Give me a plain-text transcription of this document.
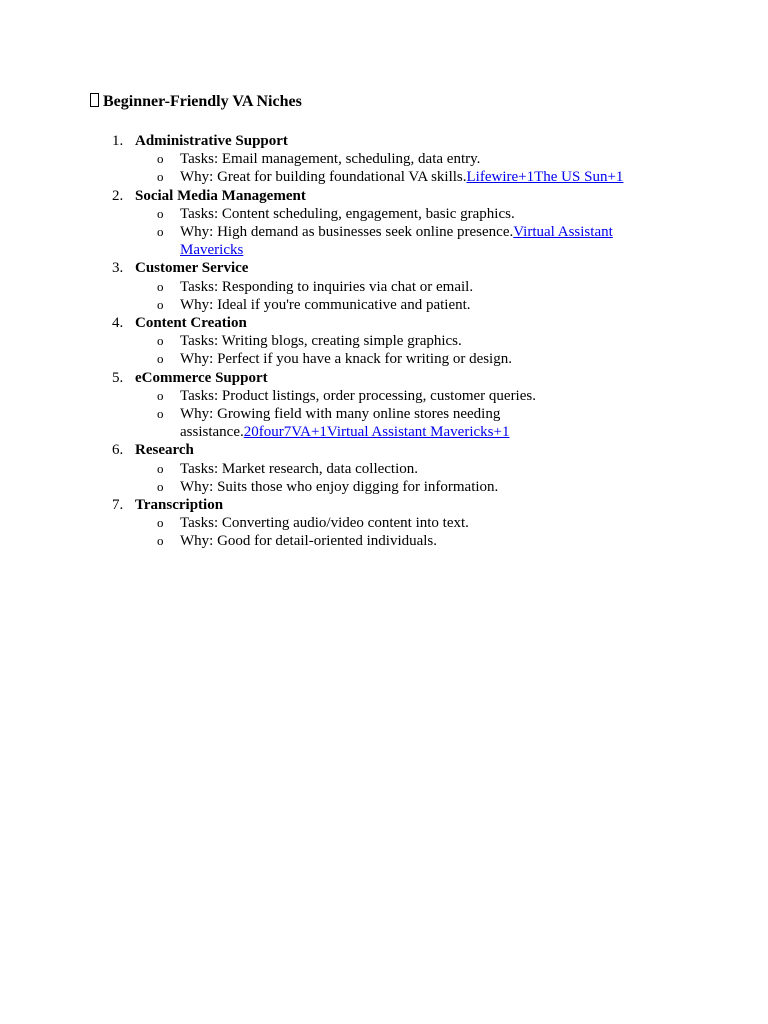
Beginner-Friendly VA Niches
1. Administrative Support
o Tasks: Email management, scheduling, data entry.
o Why: Great for building foundational VA skills.Lifewire+1The US Sun+1
2. Social Media Management
o Tasks: Content scheduling, engagement, basic graphics.
o Why: High demand as businesses seek online presence.Virtual Assistant Mavericks
3. Customer Service
o Tasks: Responding to inquiries via chat or email.
o Why: Ideal if you're communicative and patient.
4. Content Creation
o Tasks: Writing blogs, creating simple graphics.
o Why: Perfect if you have a knack for writing or design.
5. eCommerce Support
o Tasks: Product listings, order processing, customer queries.
o Why: Growing field with many online stores needing assistance.20four7VA+1Virtual Assistant Mavericks+1
6. Research
o Tasks: Market research, data collection.
o Why: Suits those who enjoy digging for information.
7. Transcription
o Tasks: Converting audio/video content into text.
o Why: Good for detail-oriented individuals.
